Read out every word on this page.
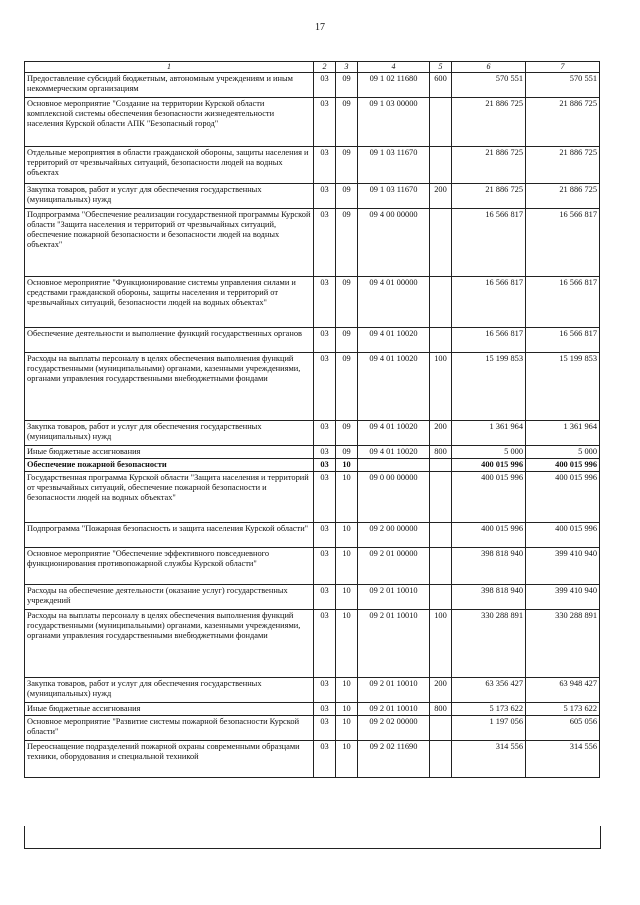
17
1	2	3	4	5	6	7
Предоставление субсидий бюджетным, автономным учреждениям и иным некоммерческим организациям	03	09	09 1 02 11680	600	570 551	570 551
Основное мероприятие "Создание на территории Курской области комплексной системы обеспечения безопасности жизнедеятельности населения Курской области АПК "Безопасный город"	03	09	09 1 03 00000		21 886 725	21 886 725
Отдельные мероприятия в области гражданской обороны, защиты населения и территорий от чрезвычайных ситуаций, безопасности людей на водных объектах	03	09	09 1 03 11670		21 886 725	21 886 725
Закупка товаров, работ и услуг для обеспечения государственных (муниципальных) нужд	03	09	09 1 03 11670	200	21 886 725	21 886 725
Подпрограмма "Обеспечение реализации государственной программы Курской области "Защита населения и территорий от чрезвычайных ситуаций, обеспечение пожарной безопасности и безопасности людей на водных объектах"	03	09	09 4 00 00000		16 566 817	16 566 817
Основное мероприятие "Функционирование системы управления силами и средствами гражданской обороны, защиты населения и территорий от чрезвычайных ситуаций, безопасности людей на водных объектах"	03	09	09 4 01 00000		16 566 817	16 566 817
Обеспечение деятельности и выполнение функций государственных органов	03	09	09 4 01 10020		16 566 817	16 566 817
Расходы на выплаты персоналу в целях обеспечения выполнения функций государственными (муниципальными) органами, казенными учреждениями, органами управления государственными внебюджетными фондами	03	09	09 4 01 10020	100	15 199 853	15 199 853
Закупка товаров, работ и услуг для обеспечения государственных (муниципальных) нужд	03	09	09 4 01 10020	200	1 361 964	1 361 964
Иные бюджетные ассигнования	03	09	09 4 01 10020	800	5 000	5 000
Обеспечение пожарной безопасности	03	10			400 015 996	400 015 996
Государственная программа Курской области "Защита населения и территорий от чрезвычайных ситуаций, обеспечение пожарной безопасности и безопасности людей на водных объектах"	03	10	09 0 00 00000		400 015 996	400 015 996
Подпрограмма "Пожарная безопасность и защита населения Курской области"	03	10	09 2 00 00000		400 015 996	400 015 996
Основное мероприятие "Обеспечение эффективного повседневного функционирования противопожарной службы Курской области"	03	10	09 2 01 00000		398 818 940	399 410 940
Расходы на обеспечение деятельности (оказание услуг) государственных учреждений	03	10	09 2 01 10010		398 818 940	399 410 940
Расходы на выплаты персоналу в целях обеспечения выполнения функций государственными (муниципальными) органами, казенными учреждениями, органами управления государственными внебюджетными фондами	03	10	09 2 01 10010	100	330 288 891	330 288 891
Закупка товаров, работ и услуг для обеспечения государственных (муниципальных) нужд	03	10	09 2 01 10010	200	63 356 427	63 948 427
Иные бюджетные ассигнования	03	10	09 2 01 10010	800	5 173 622	5 173 622
Основное мероприятие "Развитие системы пожарной безопасности Курской области"	03	10	09 2 02 00000		1 197 056	605 056
Переоснащение подразделений пожарной охраны современными образцами техники, оборудования и специальной техникой	03	10	09 2 02 11690		314 556	314 556
